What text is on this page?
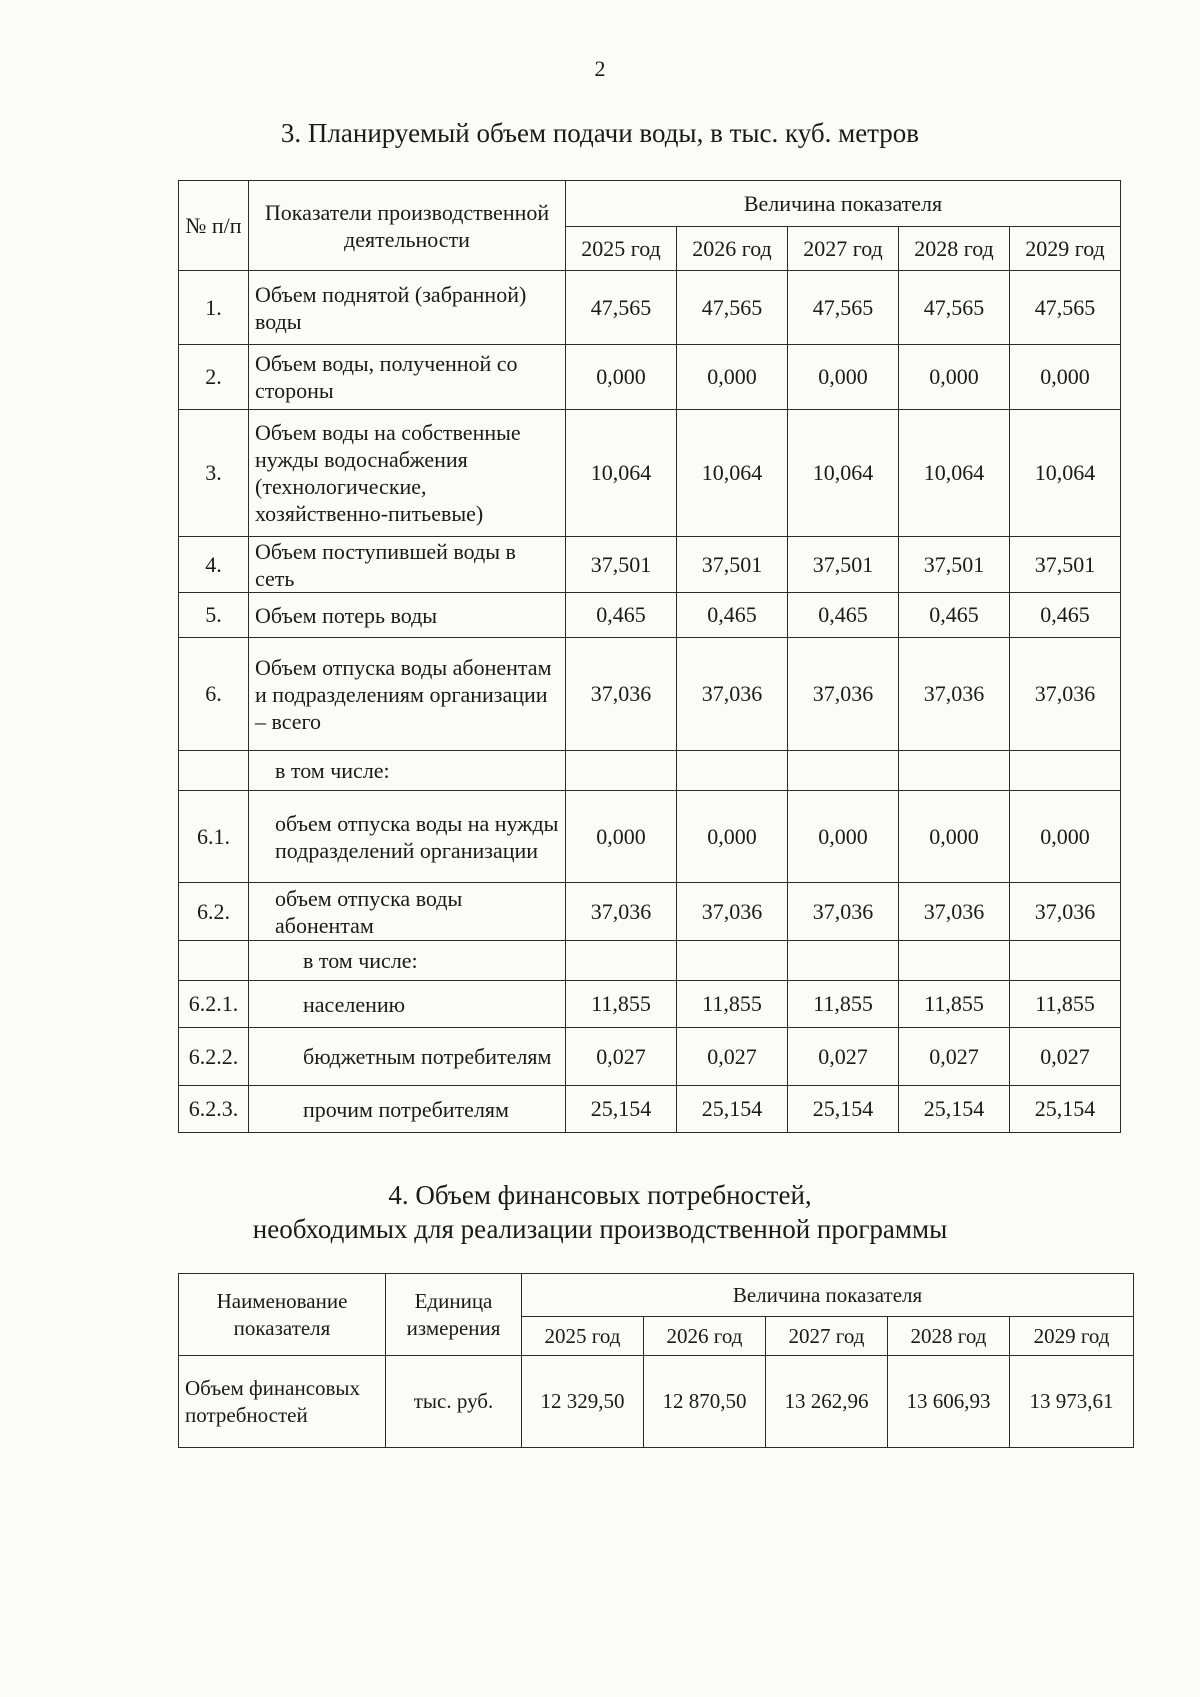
2
3. Планируемый объем подачи воды, в тыс. куб. метров
№ п/п	Показатели производственной деятельности	Величина показателя				
		2025 год	2026 год	2027 год	2028 год	2029 год
1.	Объем поднятой (забранной) воды	47,565	47,565	47,565	47,565	47,565
2.	Объем воды, полученной со стороны	0,000	0,000	0,000	0,000	0,000
3.	Объем воды на собственные нужды водоснабжения (технологические, хозяйственно-питьевые)	10,064	10,064	10,064	10,064	10,064
4.	Объем поступившей воды в сеть	37,501	37,501	37,501	37,501	37,501
5.	Объем потерь воды	0,465	0,465	0,465	0,465	0,465
6.	Объем отпуска воды абонентам и подразделениям организации – всего	37,036	37,036	37,036	37,036	37,036
	в том числе:					
6.1.	объем отпуска воды на нужды подразделений организации	0,000	0,000	0,000	0,000	0,000
6.2.	объем отпуска воды абонентам	37,036	37,036	37,036	37,036	37,036
	в том числе:					
6.2.1.	населению	11,855	11,855	11,855	11,855	11,855
6.2.2.	бюджетным потребителям	0,027	0,027	0,027	0,027	0,027
6.2.3.	прочим потребителям	25,154	25,154	25,154	25,154	25,154
4. Объем финансовых потребностей,
необходимых для реализации производственной программы
Наименование показателя	Единица измерения	Величина показателя				
		2025 год	2026 год	2027 год	2028 год	2029 год
Объем финансовых потребностей	тыс. руб.	12 329,50	12 870,50	13 262,96	13 606,93	13 973,61
